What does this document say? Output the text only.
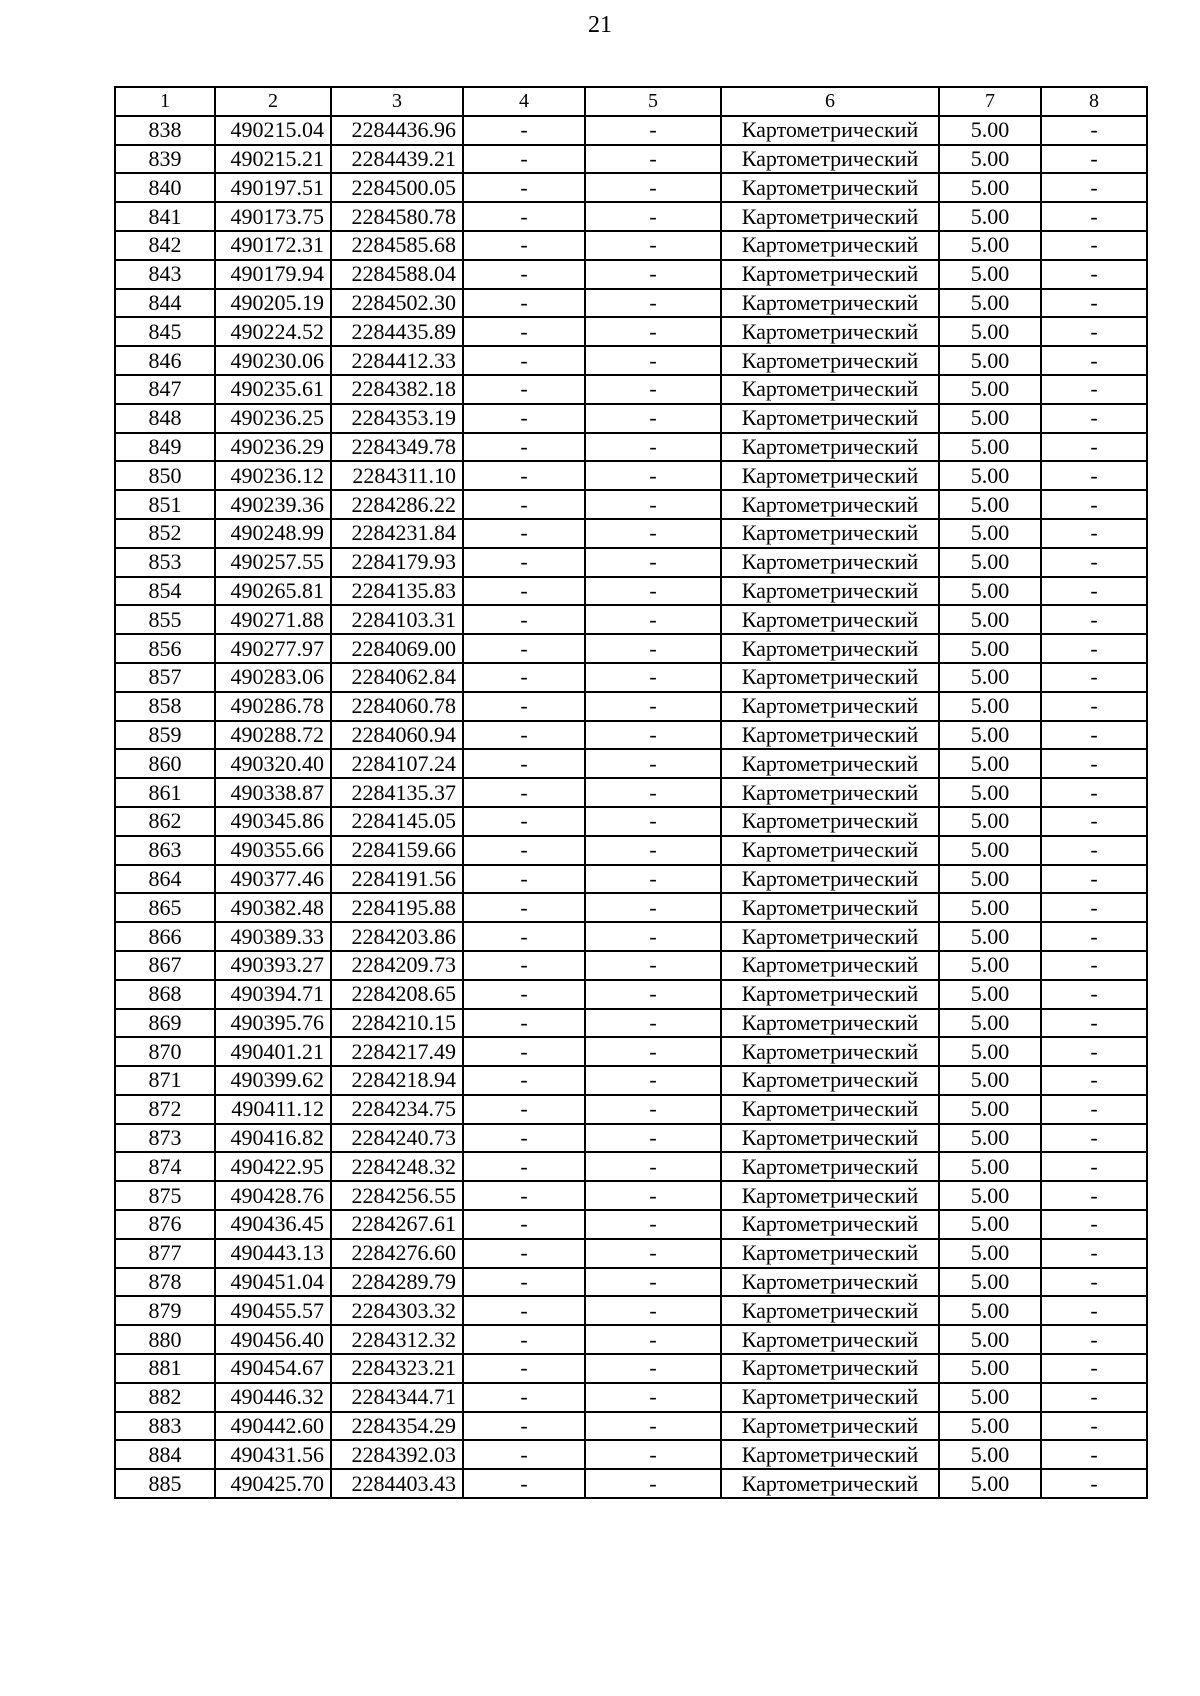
21
1	2	3	4	5	6	7	8
838	490215.04	2284436.96	-	-	Картометрический	5.00	-
839	490215.21	2284439.21	-	-	Картометрический	5.00	-
840	490197.51	2284500.05	-	-	Картометрический	5.00	-
841	490173.75	2284580.78	-	-	Картометрический	5.00	-
842	490172.31	2284585.68	-	-	Картометрический	5.00	-
843	490179.94	2284588.04	-	-	Картометрический	5.00	-
844	490205.19	2284502.30	-	-	Картометрический	5.00	-
845	490224.52	2284435.89	-	-	Картометрический	5.00	-
846	490230.06	2284412.33	-	-	Картометрический	5.00	-
847	490235.61	2284382.18	-	-	Картометрический	5.00	-
848	490236.25	2284353.19	-	-	Картометрический	5.00	-
849	490236.29	2284349.78	-	-	Картометрический	5.00	-
850	490236.12	2284311.10	-	-	Картометрический	5.00	-
851	490239.36	2284286.22	-	-	Картометрический	5.00	-
852	490248.99	2284231.84	-	-	Картометрический	5.00	-
853	490257.55	2284179.93	-	-	Картометрический	5.00	-
854	490265.81	2284135.83	-	-	Картометрический	5.00	-
855	490271.88	2284103.31	-	-	Картометрический	5.00	-
856	490277.97	2284069.00	-	-	Картометрический	5.00	-
857	490283.06	2284062.84	-	-	Картометрический	5.00	-
858	490286.78	2284060.78	-	-	Картометрический	5.00	-
859	490288.72	2284060.94	-	-	Картометрический	5.00	-
860	490320.40	2284107.24	-	-	Картометрический	5.00	-
861	490338.87	2284135.37	-	-	Картометрический	5.00	-
862	490345.86	2284145.05	-	-	Картометрический	5.00	-
863	490355.66	2284159.66	-	-	Картометрический	5.00	-
864	490377.46	2284191.56	-	-	Картометрический	5.00	-
865	490382.48	2284195.88	-	-	Картометрический	5.00	-
866	490389.33	2284203.86	-	-	Картометрический	5.00	-
867	490393.27	2284209.73	-	-	Картометрический	5.00	-
868	490394.71	2284208.65	-	-	Картометрический	5.00	-
869	490395.76	2284210.15	-	-	Картометрический	5.00	-
870	490401.21	2284217.49	-	-	Картометрический	5.00	-
871	490399.62	2284218.94	-	-	Картометрический	5.00	-
872	490411.12	2284234.75	-	-	Картометрический	5.00	-
873	490416.82	2284240.73	-	-	Картометрический	5.00	-
874	490422.95	2284248.32	-	-	Картометрический	5.00	-
875	490428.76	2284256.55	-	-	Картометрический	5.00	-
876	490436.45	2284267.61	-	-	Картометрический	5.00	-
877	490443.13	2284276.60	-	-	Картометрический	5.00	-
878	490451.04	2284289.79	-	-	Картометрический	5.00	-
879	490455.57	2284303.32	-	-	Картометрический	5.00	-
880	490456.40	2284312.32	-	-	Картометрический	5.00	-
881	490454.67	2284323.21	-	-	Картометрический	5.00	-
882	490446.32	2284344.71	-	-	Картометрический	5.00	-
883	490442.60	2284354.29	-	-	Картометрический	5.00	-
884	490431.56	2284392.03	-	-	Картометрический	5.00	-
885	490425.70	2284403.43	-	-	Картометрический	5.00	-
